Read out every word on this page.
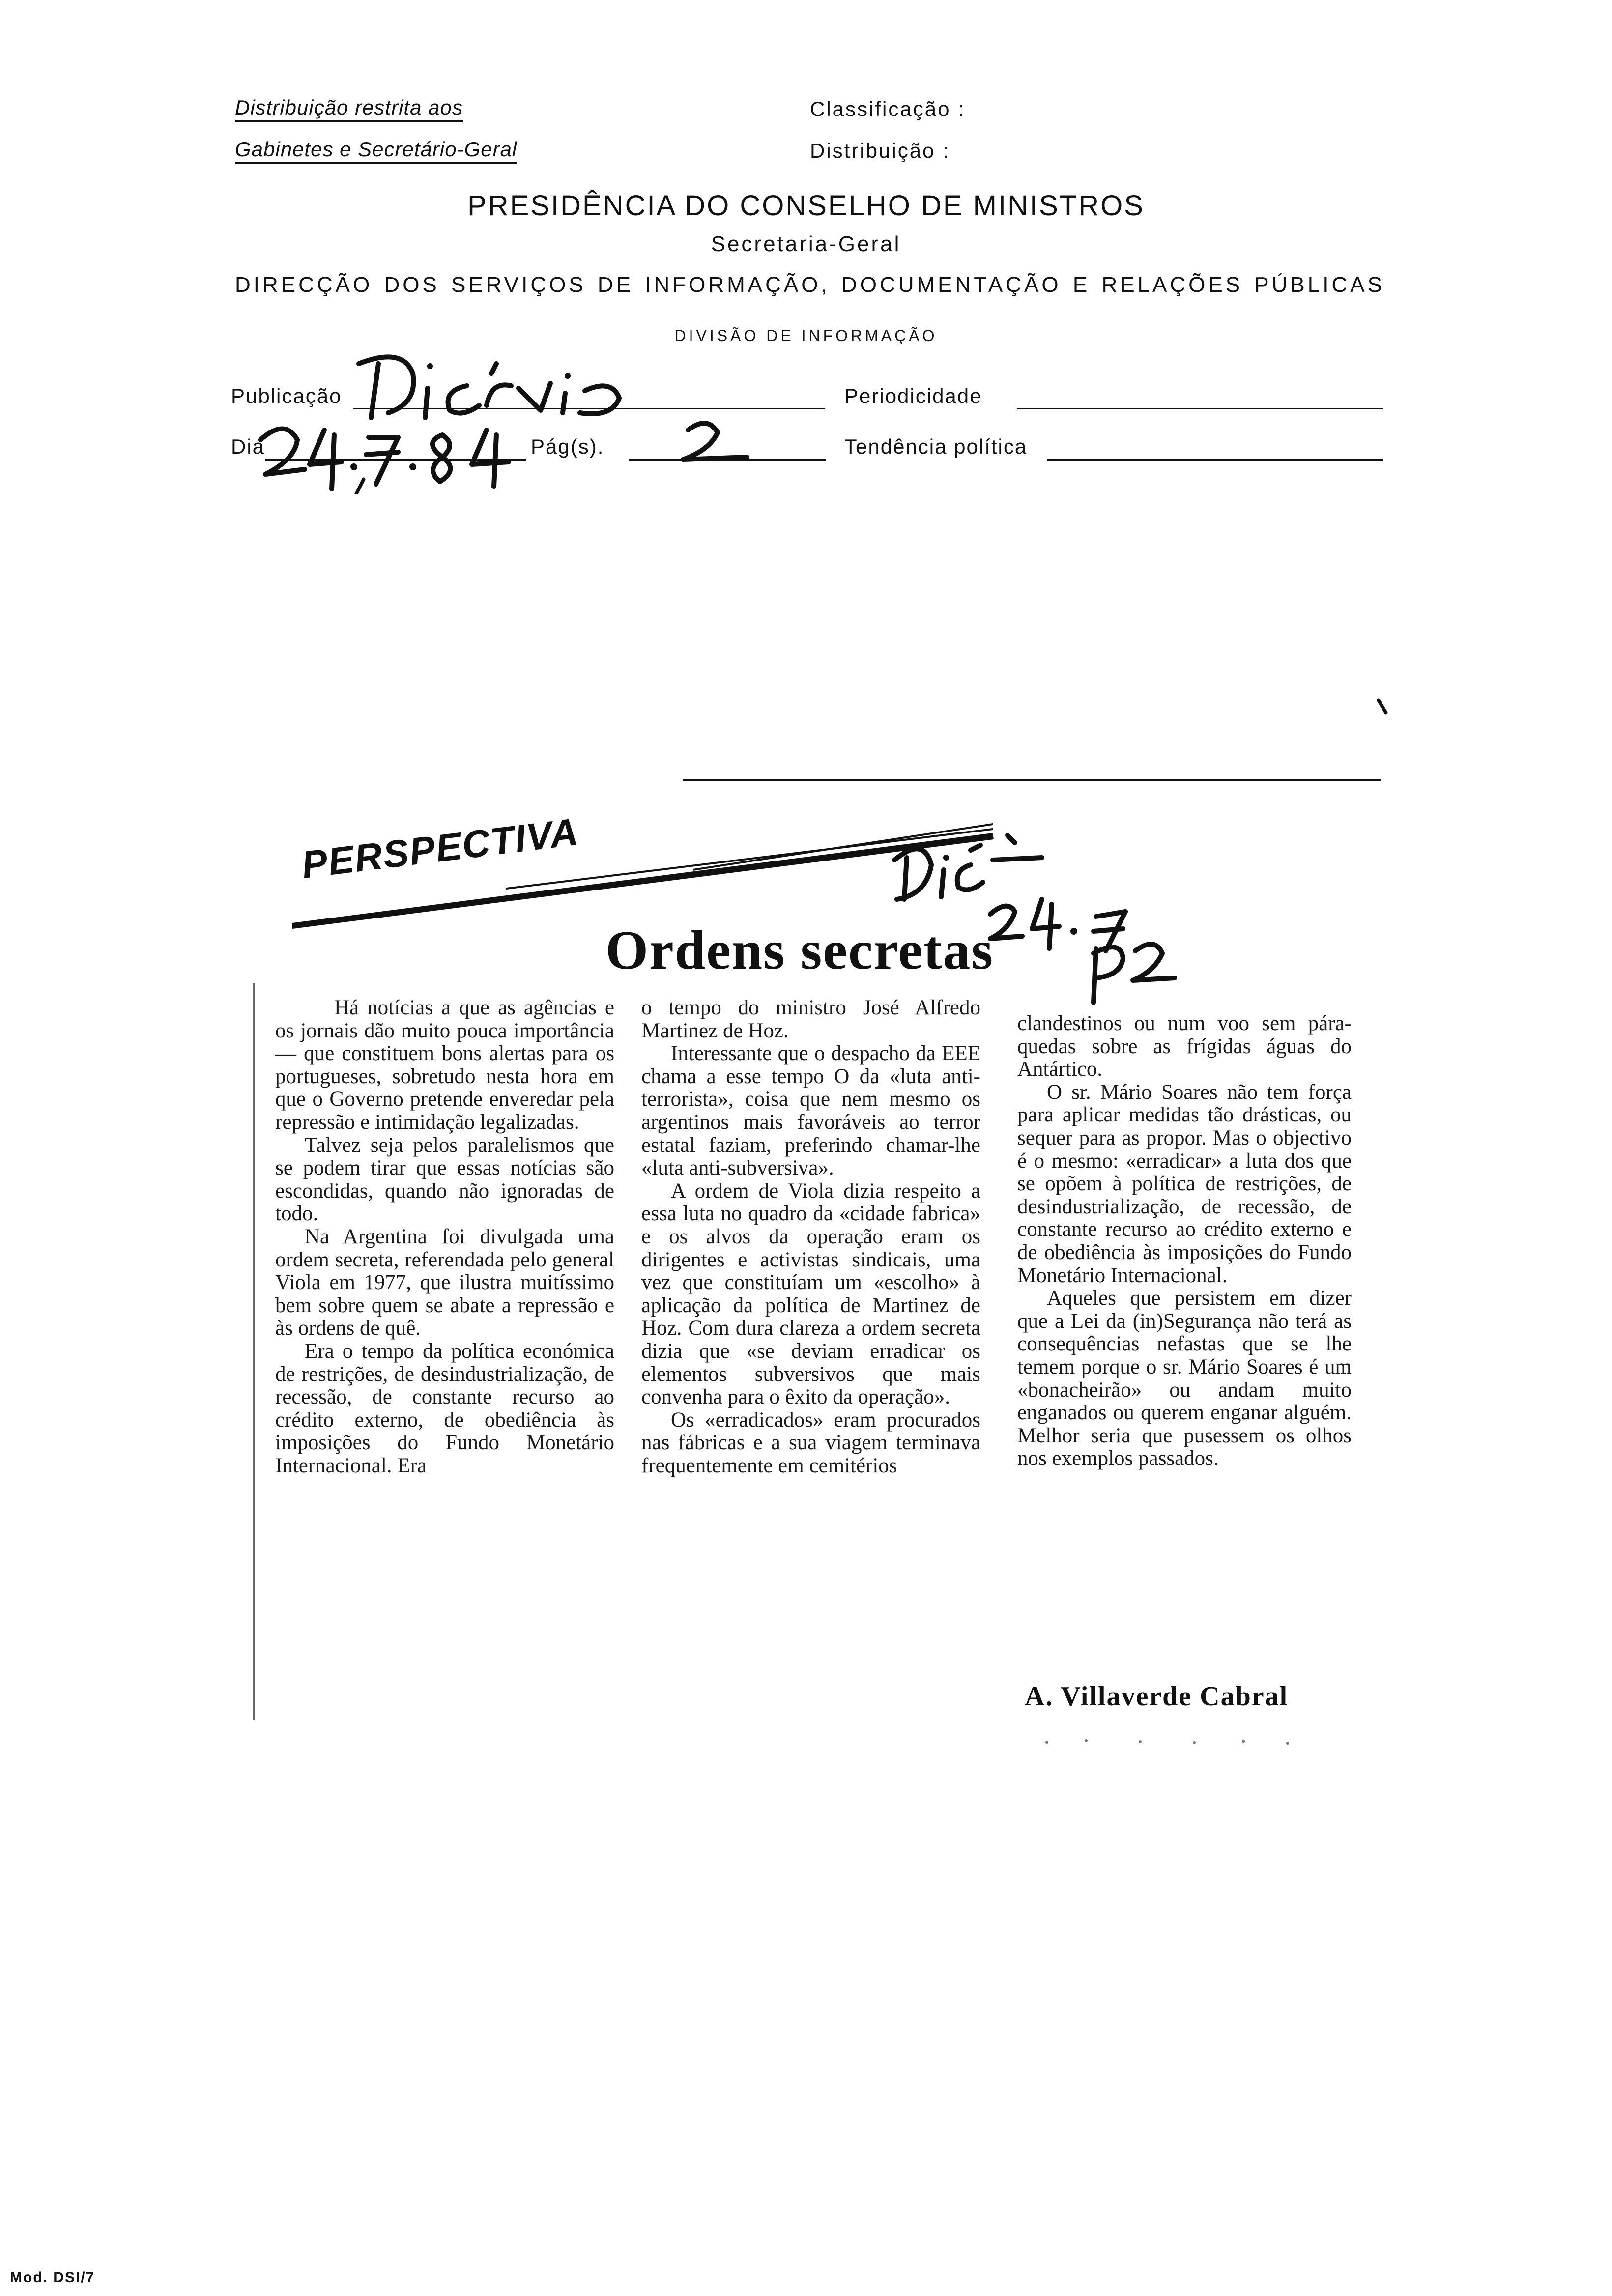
Distribuição restrita aos
Gabinetes e Secretário-Geral
Classificação :
Distribuição :
PRESIDÊNCIA DO CONSELHO DE MINISTROS
Secretaria-Geral
DIRECÇÃO DOS SERVIÇOS DE INFORMAÇÃO, DOCUMENTAÇÃO E RELAÇÕES PÚBLICAS
DIVISÃO DE INFORMAÇÃO
Publicação	Periodicidade
Dia	Pág(s).	Tendência política
PERSPECTIVA
Ordens secretas

Há notícias a que as agências e os jornais dão muito pouca importância — que constituem bons alertas para os portugueses, sobretudo nesta hora em que o Governo pretende enveredar pela repressão e intimidação legalizadas.

Talvez seja pelos paralelismos que se podem tirar que essas notícias são escondidas, quando não ignoradas de todo.

Na Argentina foi divulgada uma ordem secreta, referendada pelo general Viola em 1977, que ilustra muitíssimo bem sobre quem se abate a repressão e às ordens de quê.

Era o tempo da política económica de restrições, de desindustrialização, de recessão, de constante recurso ao crédito externo, de obediência às imposições do Fundo Monetário Internacional. Era

o tempo do ministro José Alfredo Martinez de Hoz.

Interessante que o despacho da EEE chama a esse tempo O da «luta anti-terrorista», coisa que nem mesmo os argentinos mais favoráveis ao terror estatal faziam, preferindo chamar-lhe «luta anti-subversiva».

A ordem de Viola dizia respeito a essa luta no quadro da «cidade fabrica» e os alvos da operação eram os dirigentes e activistas sindicais, uma vez que constituíam um «escolho» à aplicação da política de Martinez de Hoz. Com dura clareza a ordem secreta dizia que «se deviam erradicar os elementos subversivos que mais convenha para o êxito da operação».

Os «erradicados» eram procurados nas fábricas e a sua viagem terminava frequentemente em cemitérios

clandestinos ou num voo sem pára-quedas sobre as frígidas águas do Antártico.

O sr. Mário Soares não tem força para aplicar medidas tão drásticas, ou sequer para as propor. Mas o objectivo é o mesmo: «erradicar» a luta dos que se opõem à política de restrições, de desindustrialização, de recessão, de constante recurso ao crédito externo e de obediência às imposições do Fundo Monetário Internacional.

Aqueles que persistem em dizer que a Lei da (in)Segurança não terá as consequências nefastas que se lhe temem porque o sr. Mário Soares é um «bonacheirão» ou andam muito enganados ou querem enganar alguém. Melhor seria que pusessem os olhos nos exemplos passados.

A. Villaverde Cabral
Mod. DSI/7
